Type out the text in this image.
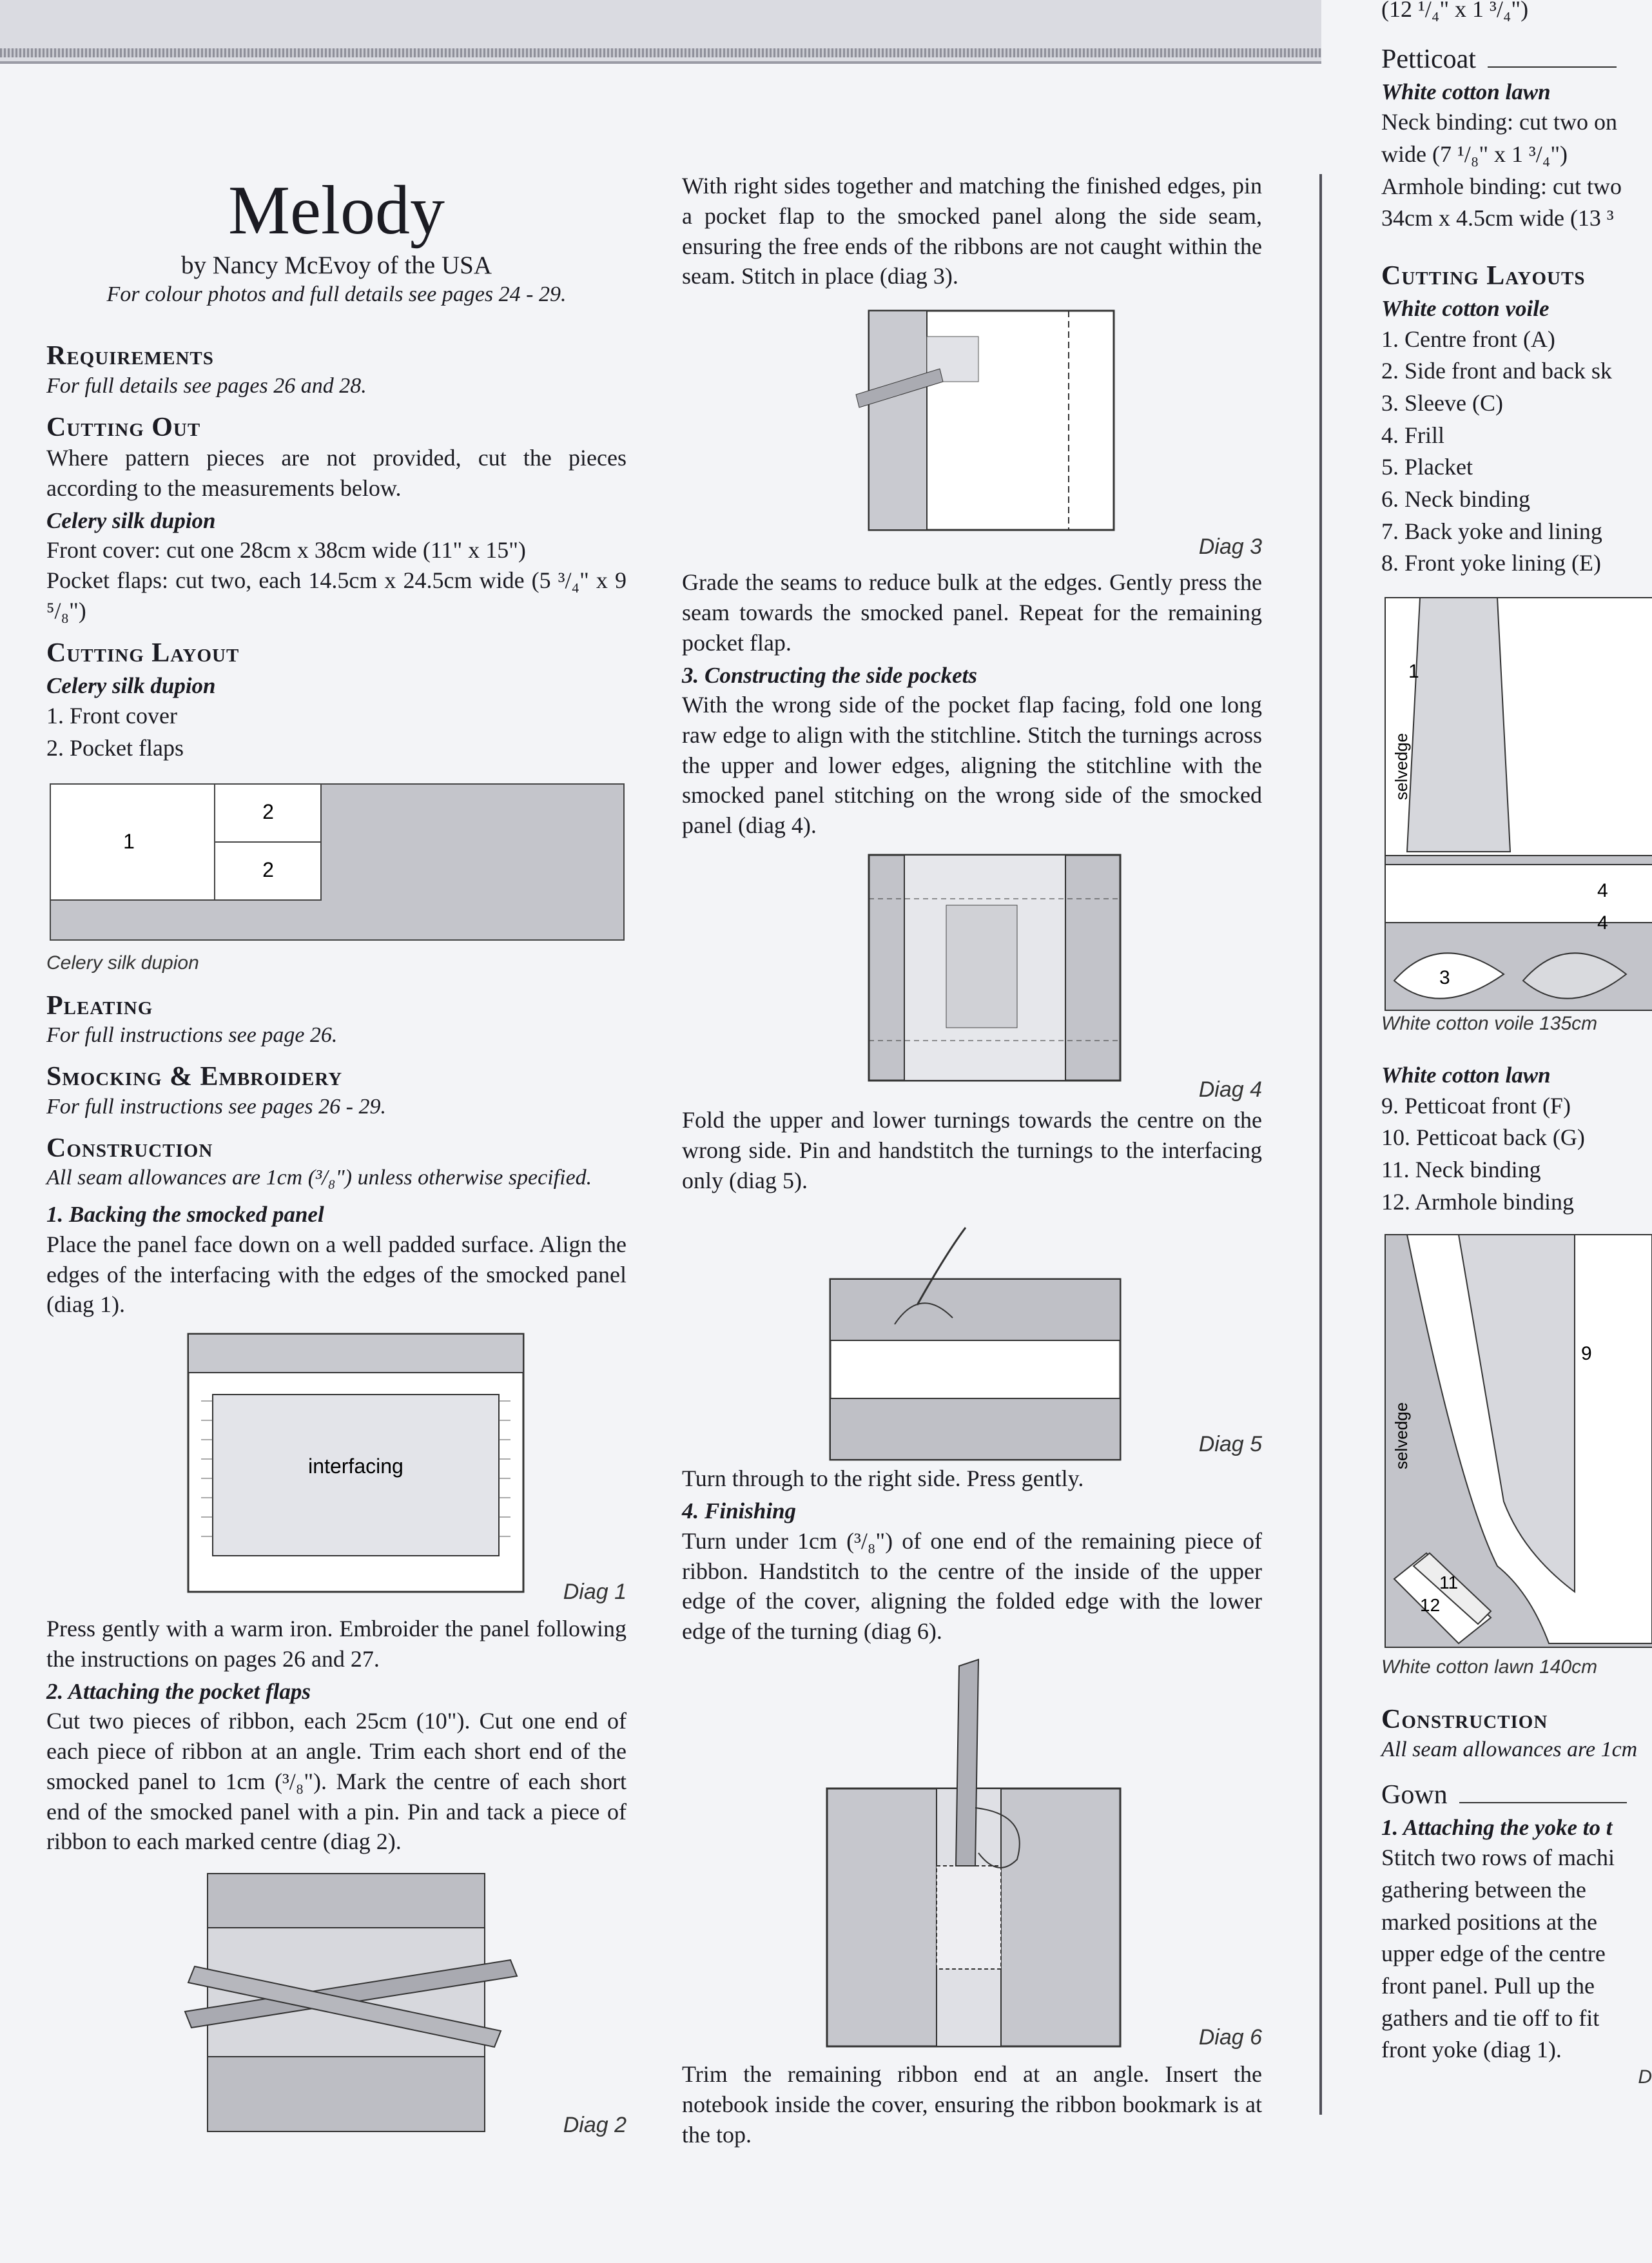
Melody
by Nancy McEvoy of the USA
For colour photos and full details see pages 24 - 29.
Requirements
For full details see pages 26 and 28.
Cutting Out

Where pattern pieces are not provided, cut the pieces according to the measurements below.

Celery silk dupion

Front cover: cut one 28cm x 38cm wide (11" x 15")

Pocket flaps: cut two, each 14.5cm x 24.5cm wide (5 ³/₄" x 9 ⁵/₈")

Cutting Layout
Celery silk dupion
1. Front cover
2. Pocket flaps
1
2
2
Celery silk dupion
Pleating
For full instructions see page 26.
Smocking & Embroidery
For full instructions see pages 26 - 29.
Construction
All seam allowances are 1cm (³/₈") unless otherwise specified.
1. Backing the smocked panel

Place the panel face down on a well padded surface. Align the edges of the interfacing with the edges of the smocked panel (diag 1).

interfacing
Diag 1

Press gently with a warm iron. Embroider the panel following the instructions on pages 26 and 27.

2. Attaching the pocket flaps

Cut two pieces of ribbon, each 25cm (10"). Cut one end of each piece of ribbon at an angle. Trim each short end of the smocked panel to 1cm (³/₈"). Mark the centre of each short end of the smocked panel with a pin. Pin and tack a piece of ribbon to each marked centre (diag 2).

Diag 2

With right sides together and matching the finished edges, pin a pocket flap to the smocked panel along the side seam, ensuring the free ends of the ribbons are not caught within the seam. Stitch in place (diag 3).

Diag 3

Grade the seams to reduce bulk at the edges. Gently press the seam towards the smocked panel. Repeat for the remaining pocket flap.

3. Constructing the side pockets

With the wrong side of the pocket flap facing, fold one long raw edge to align with the stitchline. Stitch the turnings across the upper and lower edges, aligning the stitchline with the smocked panel stitching on the wrong side of the smocked panel (diag 4).

Diag 4

Fold the upper and lower turnings towards the centre on the wrong side. Pin and handstitch the turnings to the interfacing only (diag 5).

Diag 5

Turn through to the right side. Press gently.

4. Finishing

Turn under 1cm (³/₈") of one end of the remaining piece of ribbon. Handstitch to the centre of the inside of the upper edge of the cover, aligning the folded edge with the lower edge of the turning (diag 6).

Diag 6

Trim the remaining ribbon end at an angle. Insert the notebook inside the cover, ensuring the ribbon bookmark is at the top.

(12 ¹/₄" x 1 ³/₄")
Petticoat
White cotton lawn
Neck binding: cut two on
wide (7 ¹/₈" x 1 ³/₄")
Armhole binding: cut two
34cm x 4.5cm wide (13 ³
Cutting Layouts
White cotton voile
1. Centre front (A)
2. Side front and back sk
3. Sleeve (C)
4. Frill
5. Placket
6. Neck binding
7. Back yoke and lining
8. Front yoke lining (E)
1
4
4
3
selvedge
White cotton voile 135cm
White cotton lawn
9. Petticoat front (F)
10. Petticoat back (G)
11. Neck binding
12. Armhole binding
9
11
12
selvedge
White cotton lawn 140cm
Construction
All seam allowances are 1cm
Gown
1. Attaching the yoke to t
Stitch two rows of machi
gathering between the
marked positions at the
upper edge of the centre
front panel. Pull up the
gathers and tie off to fit
front yoke (diag 1).
D
